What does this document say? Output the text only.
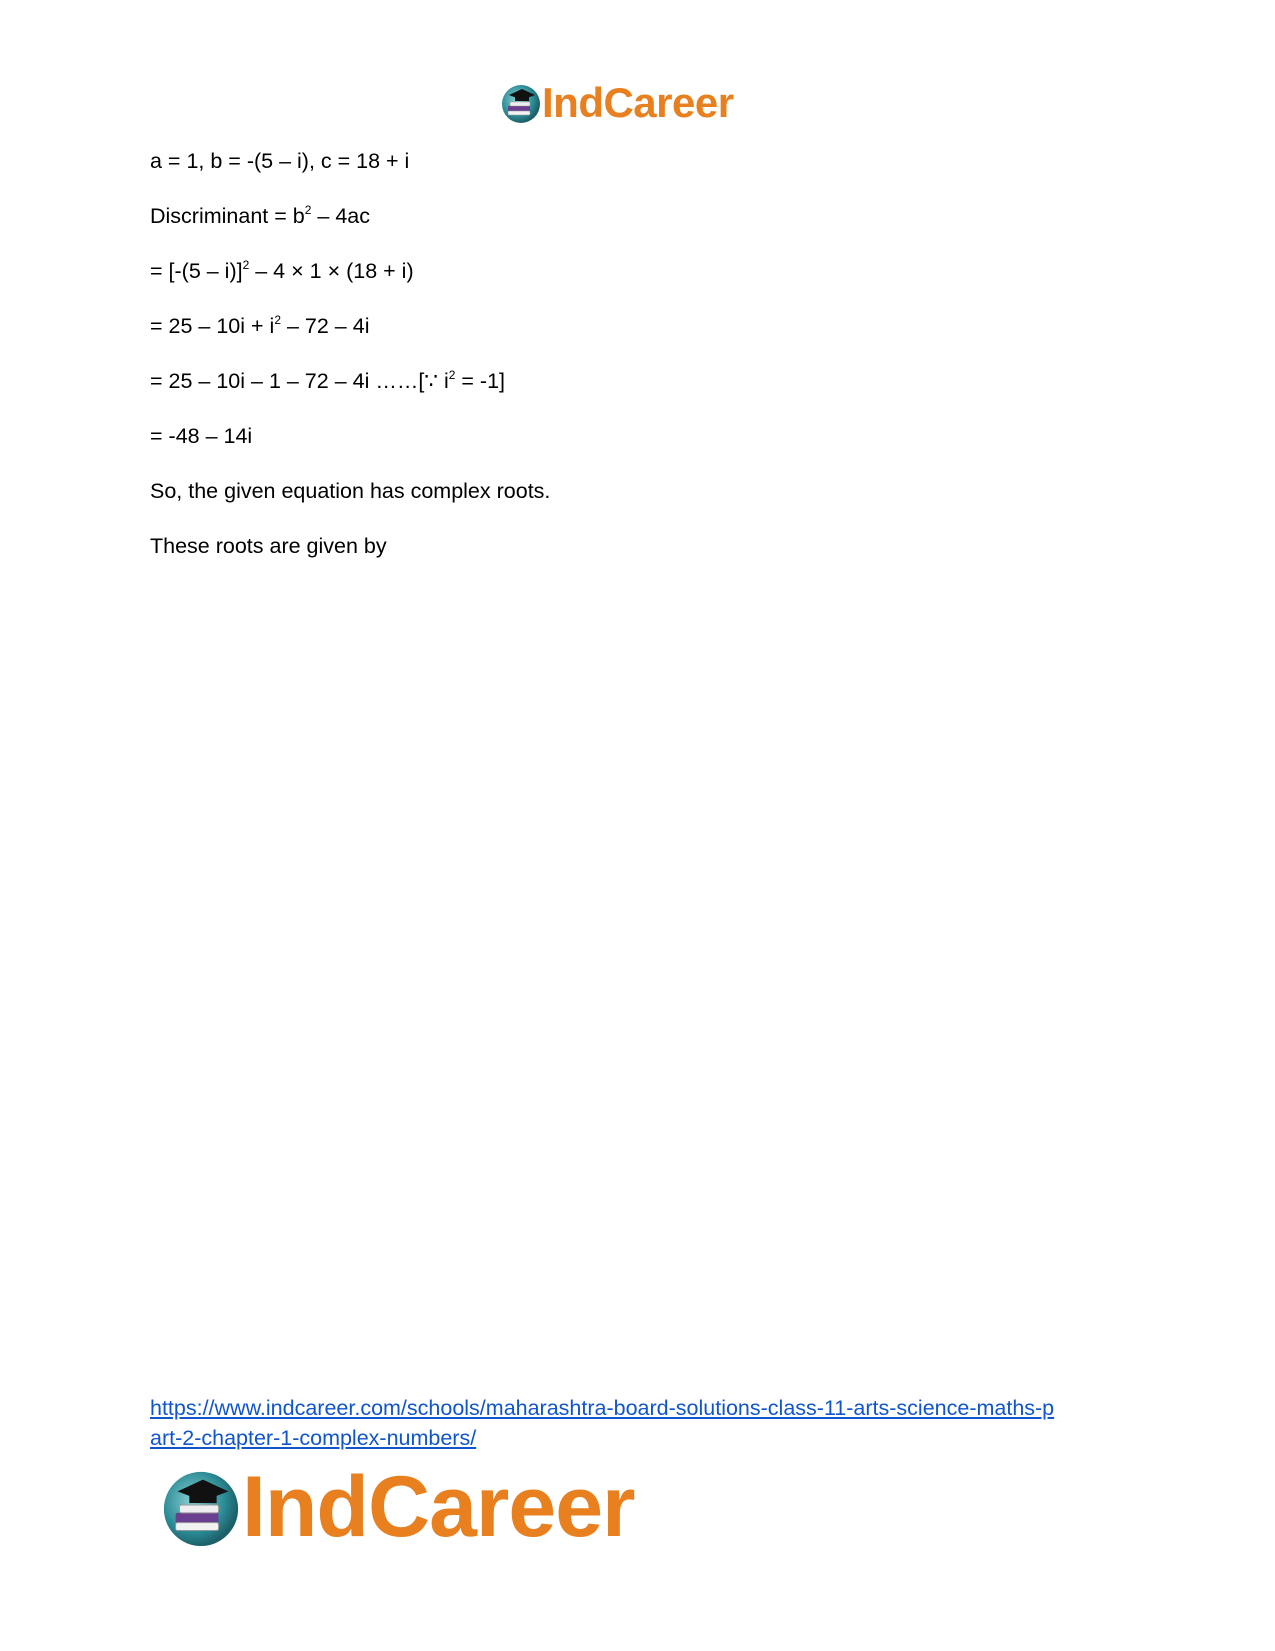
IndCareer
a = 1, b = -(5 – i), c = 18 + i
Discriminant = $b^2 - 4ac$
= [-(5 – i)]$^2$ – 4 × 1 × (18 + i)
= $25 - 10i + i^2 - 72 - 4i$
= 25 – 10i – 1 – 72 – 4i ……[∵ $i^2 = -1$]
= -48 – 14i
So, the given equation has complex roots.
These roots are given by
https://www.indcareer.com/schools/maharashtra-board-solutions-class-11-arts-science-maths-p
art-2-chapter-1-complex-numbers/
IndCareer
